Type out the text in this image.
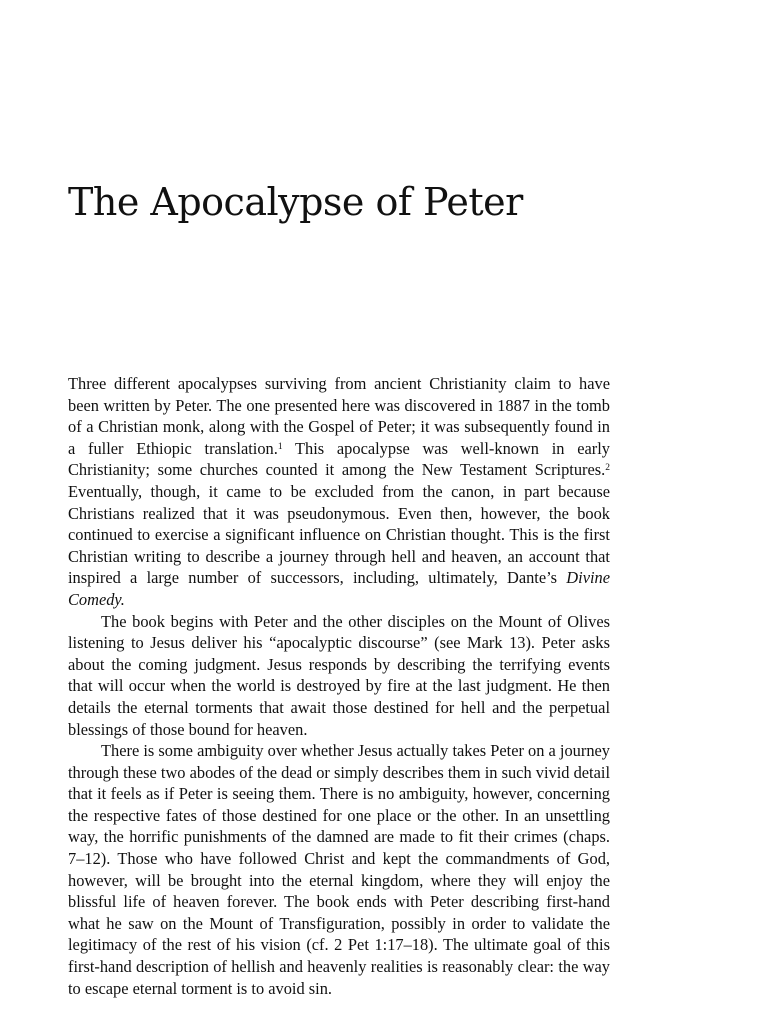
The Apocalypse of Peter

Three different apocalypses surviving from ancient Christianity claim to have been written by Peter. The one presented here was discovered in 1887 in the tomb of a Christian monk, along with the Gospel of Peter; it was subsequently found in a fuller Ethiopic translation.$^1$ This apocalypse was well-known in early Christianity; some churches counted it among the New Testament Scriptures.$^2$ Eventually, though, it came to be excluded from the canon, in part because Christians realized that it was pseudonymous. Even then, however, the book continued to exercise a significant influence on Christian thought. This is the first Christian writing to describe a journey through hell and heaven, an account that inspired a large number of successors, including, ultimately, Dante’s Divine Comedy.

The book begins with Peter and the other disciples on the Mount of Olives listening to Jesus deliver his “apocalyptic discourse” (see Mark 13). Peter asks about the coming judgment. Jesus responds by describing the terrifying events that will occur when the world is destroyed by fire at the last judgment. He then details the eternal torments that await those destined for hell and the perpetual blessings of those bound for heaven.

There is some ambiguity over whether Jesus actually takes Peter on a journey through these two abodes of the dead or simply describes them in such vivid detail that it feels as if Peter is seeing them. There is no ambiguity, however, concerning the respective fates of those destined for one place or the other. In an unsettling way, the horrific punishments of the damned are made to fit their crimes (chaps. 7–12). Those who have followed Christ and kept the commandments of God, however, will be brought into the eternal kingdom, where they will enjoy the blissful life of heaven forever. The book ends with Peter describing first-hand what he saw on the Mount of Transfiguration, possibly in order to validate the legitimacy of the rest of his vision (cf. 2 Pet 1:17–18). The ultimate goal of this first-hand description of hellish and heavenly realities is reasonably clear: the way to escape eternal torment is to avoid sin.
